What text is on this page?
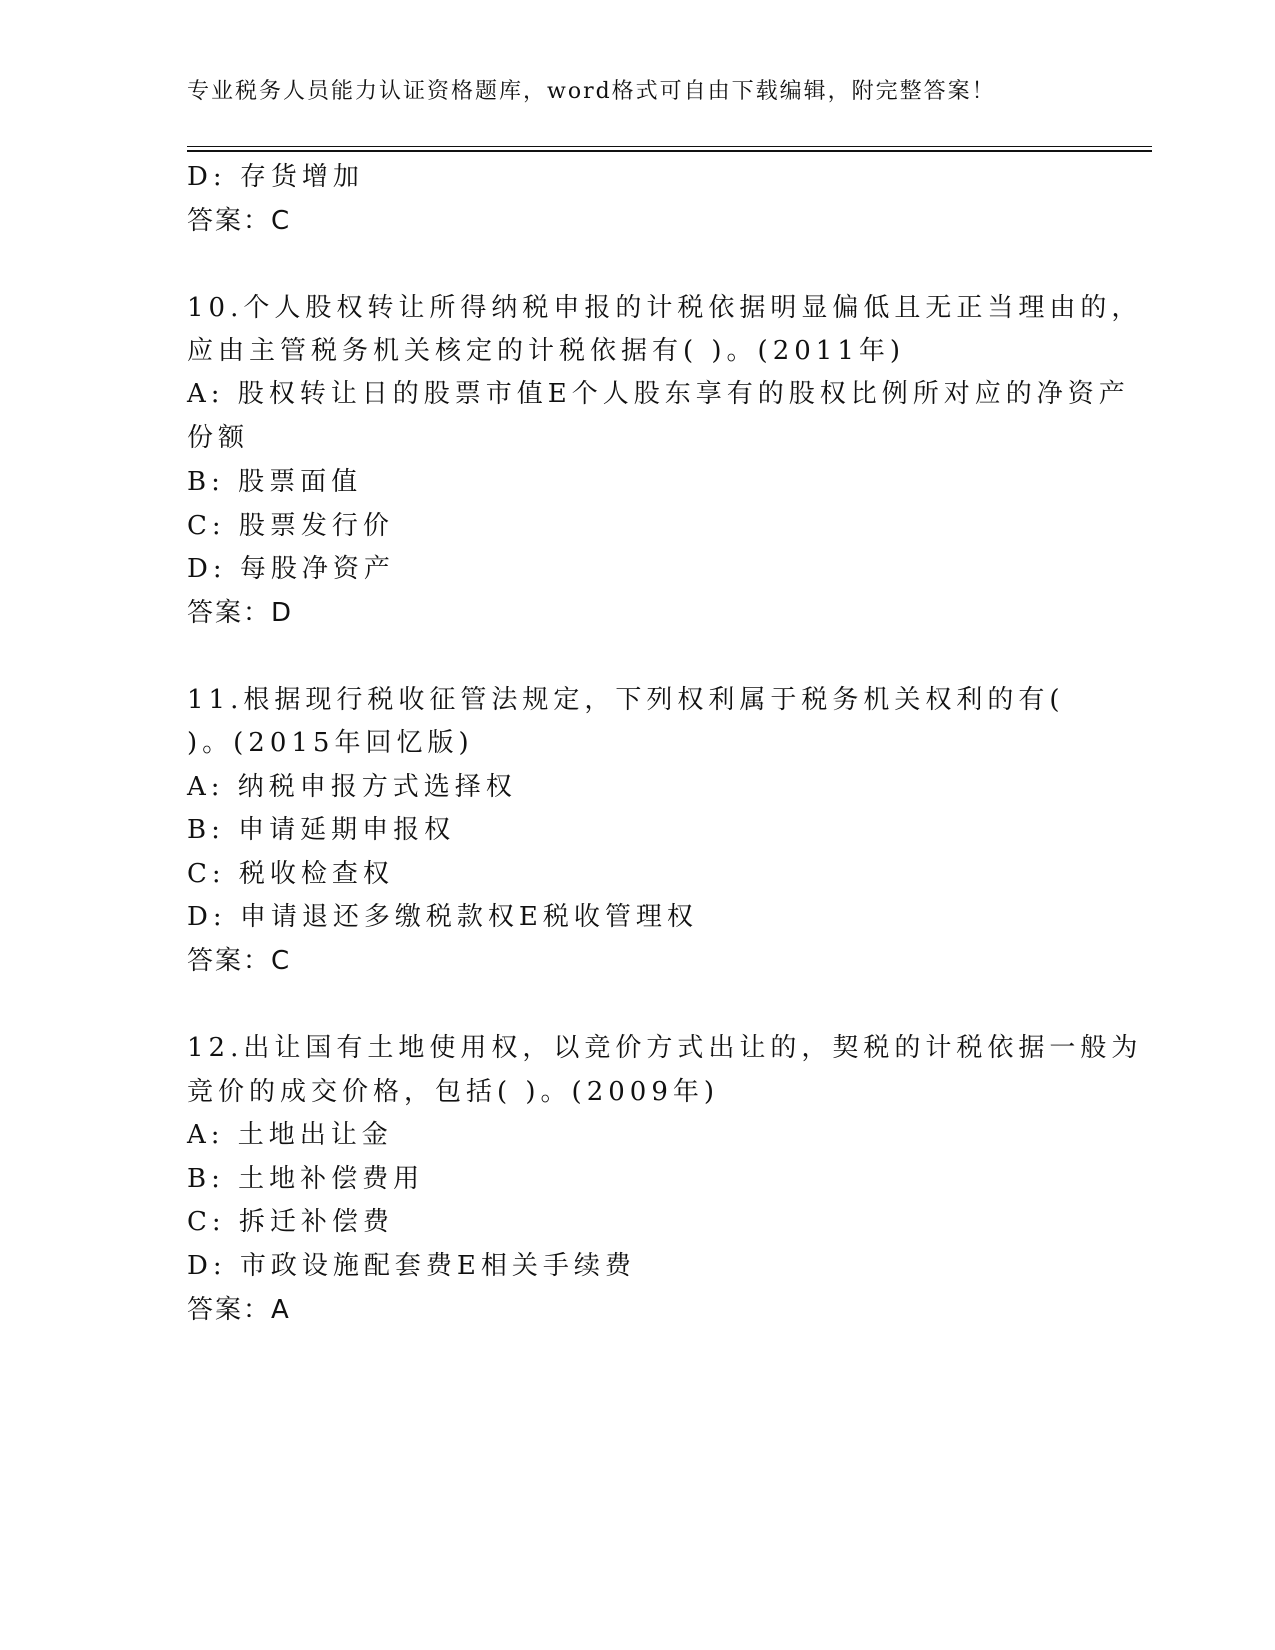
专业税务人员能力认证资格题库，word格式可自由下载编辑，附完整答案！
D: 存货增加
答案：C
10.个人股权转让所得纳税申报的计税依据明显偏低且无正当理由的，
应由主管税务机关核定的计税依据有( )。(2011年)
A: 股权转让日的股票市值E个人股东享有的股权比例所对应的净资产
份额
B: 股票面值
C: 股票发行价
D: 每股净资产
答案：D
11.根据现行税收征管法规定，下列权利属于税务机关权利的有(
)。(2015年回忆版)
A: 纳税申报方式选择权
B: 申请延期申报权
C: 税收检查权
D: 申请退还多缴税款权E税收管理权
答案：C
12.出让国有土地使用权，以竞价方式出让的，契税的计税依据一般为
竞价的成交价格，包括( )。(2009年)
A: 土地出让金
B: 土地补偿费用
C: 拆迁补偿费
D: 市政设施配套费E相关手续费
答案：A
